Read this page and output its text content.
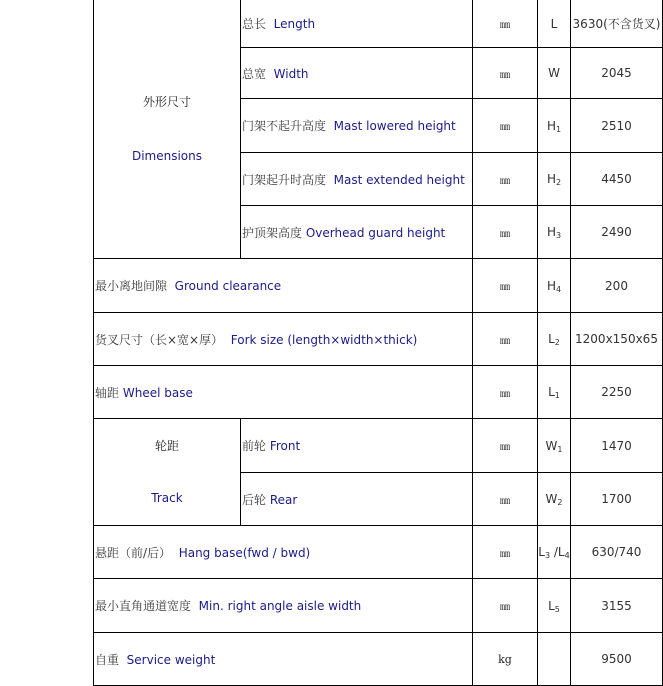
外形尺寸
Dimensions	总长 Length	㎜	L	3630(不含货叉)
	总宽 Width	㎜	W	2045
	门架不起升高度 Mast lowered height	㎜	$H_1$	2510
	门架起升时高度 Mast extended height	㎜	$H_2$	4450
	护顶架高度 Overhead guard height	㎜	$H_3$	2490
最小离地间隙 Ground clearance		㎜	$H_4$	200
货叉尺寸（长×宽×厚） Fork size (length×width×thick)		㎜	$L_2$	1200x150x65
轴距 Wheel base		㎜	$L_1$	2250

轮距
Track	前轮 Front	㎜	$W_1$	1470
	后轮 Rear	㎜	$W_2$	1700
悬距（前/后） Hang base(fwd / bwd)		㎜	$L_3$ $/L_4$	630/740
最小直角通道宽度 Min. right angle aisle width		㎜	$L_5$	3155
自重 Service weight		kg		9500
